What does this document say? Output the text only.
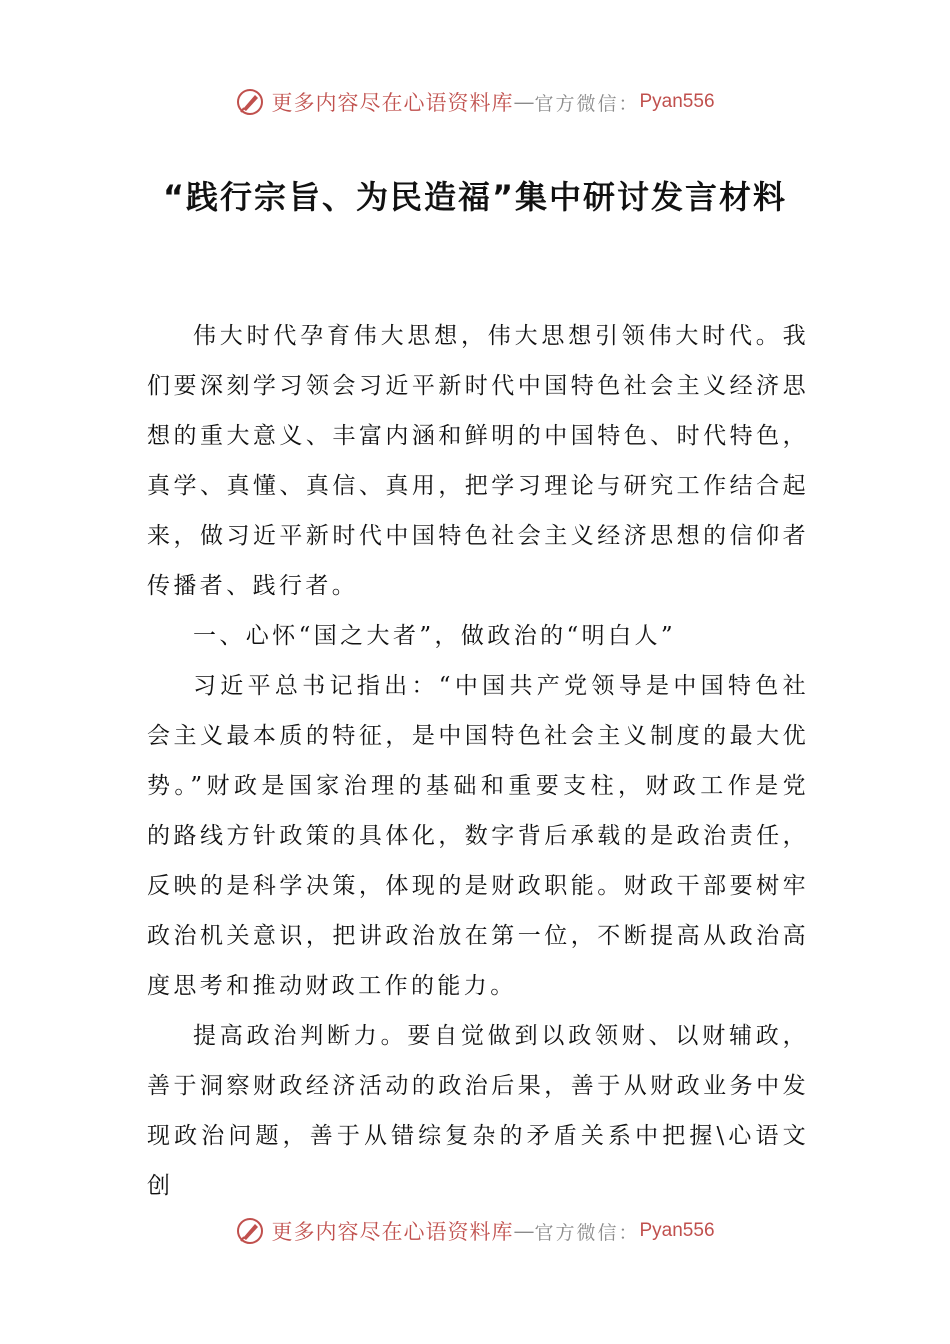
更多内容尽在心语资料库 — 官方微信： Pyan556
“践行宗旨、为民造福”集中研讨发言材料

伟大时代孕育伟大思想，伟大思想引领伟大时代。我们要深刻学习领会习近平新时代中国特色社会主义经济思想的重大意义、丰富内涵和鲜明的中国特色、时代特色，真学、真懂、真信、真用，把学习理论与研究工作结合起来，做习近平新时代中国特色社会主义经济思想的信仰者传播者、践行者。

一、心怀“国之大者”，做政治的“明白人”

习近平总书记指出：“中国共产党领导是中国特色社会主义最本质的特征，是中国特色社会主义制度的最大优势。”财政是国家治理的基础和重要支柱，财政工作是党的路线方针政策的具体化，数字背后承载的是政治责任，反映的是科学决策，体现的是财政职能。财政干部要树牢政治机关意识，把讲政治放在第一位，不断提高从政治高度思考和推动财政工作的能力。

提高政治判断力。要自觉做到以政领财、以财辅政，善于洞察财政经济活动的政治后果，善于从财政业务中发现政治问题，善于从错综复杂的矛盾关系中把握\心语文创

更多内容尽在心语资料库 — 官方微信： Pyan556
